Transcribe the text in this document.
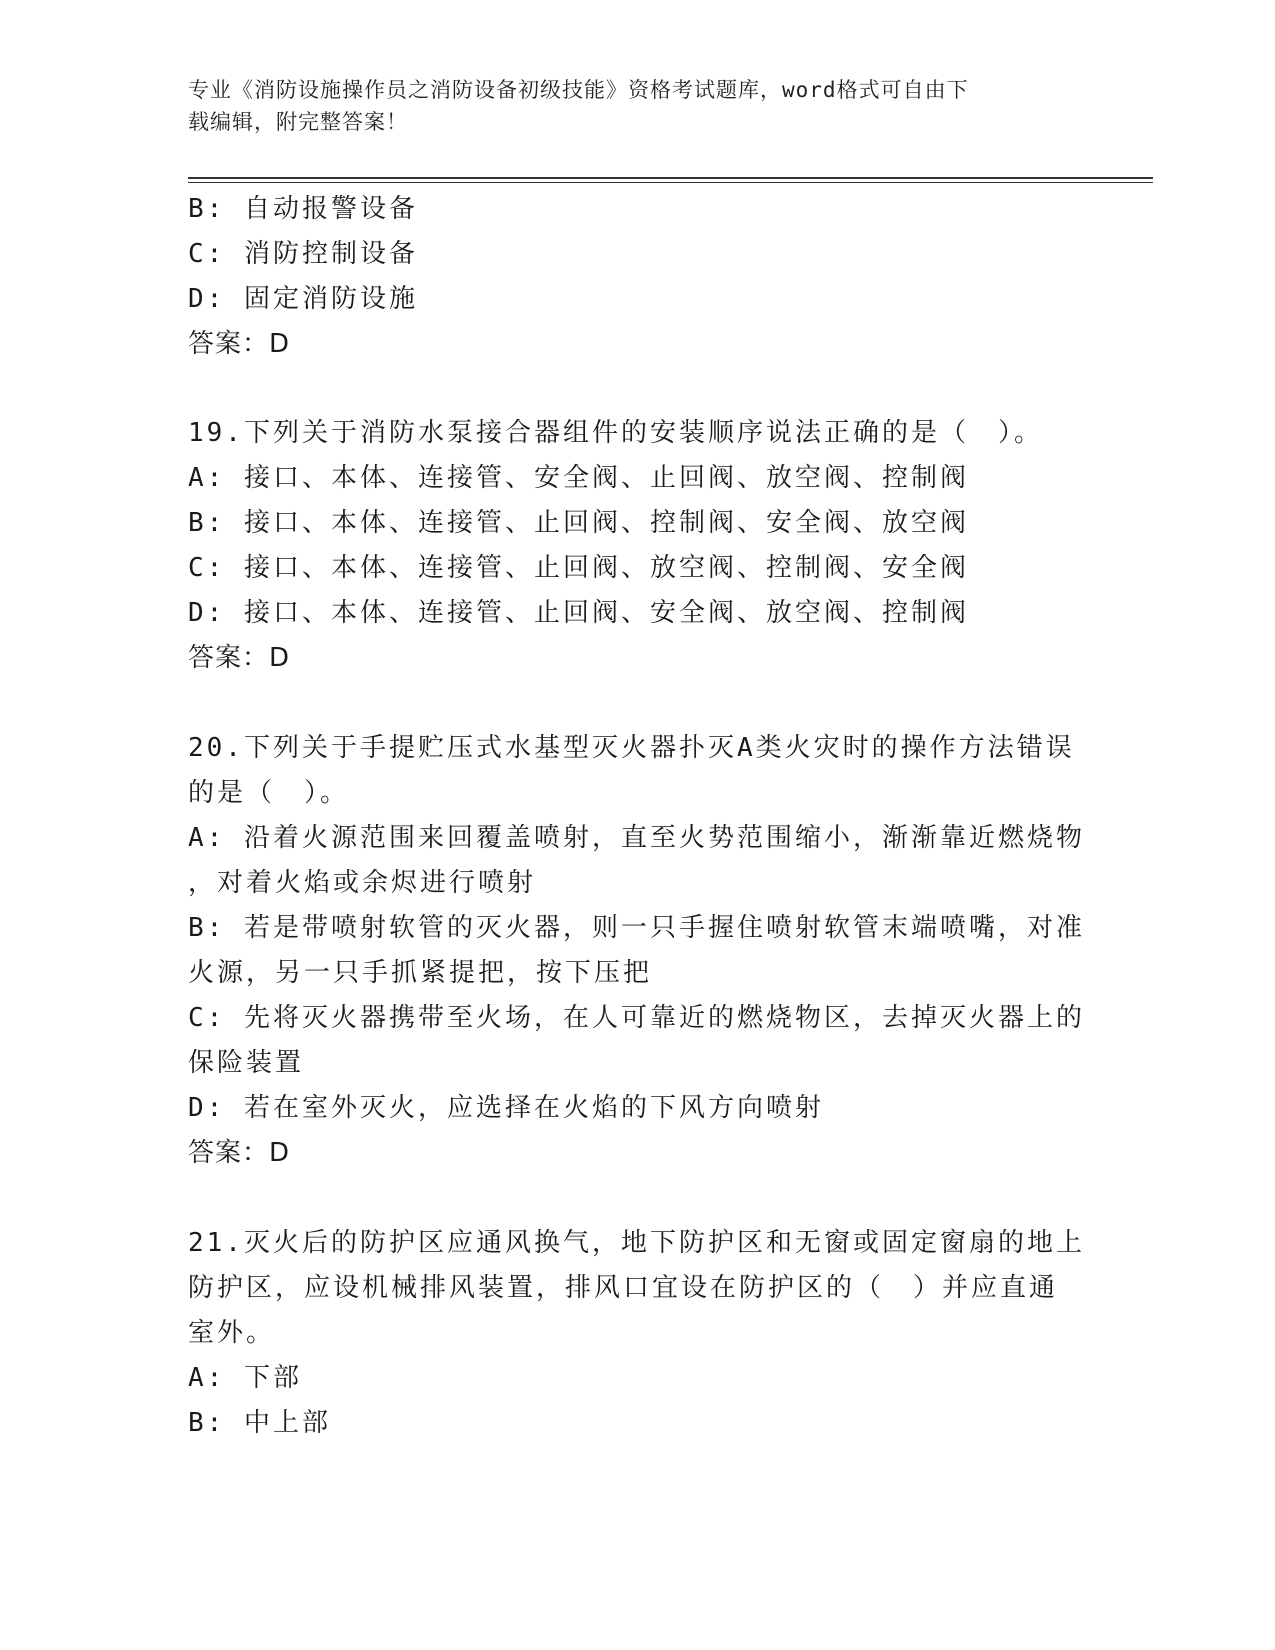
专业《消防设施操作员之消防设备初级技能》资格考试题库，word格式可自由下
载编辑，附完整答案！
B: 自动报警设备
C: 消防控制设备
D: 固定消防设施
答案：D
19.下列关于消防水泵接合器组件的安装顺序说法正确的是（　）。
A: 接口、本体、连接管、安全阀、止回阀、放空阀、控制阀
B: 接口、本体、连接管、止回阀、控制阀、安全阀、放空阀
C: 接口、本体、连接管、止回阀、放空阀、控制阀、安全阀
D: 接口、本体、连接管、止回阀、安全阀、放空阀、控制阀
答案：D
20.下列关于手提贮压式水基型灭火器扑灭A类火灾时的操作方法错误
的是（　）。
A: 沿着火源范围来回覆盖喷射，直至火势范围缩小，渐渐靠近燃烧物
，对着火焰或余烬进行喷射
B: 若是带喷射软管的灭火器，则一只手握住喷射软管末端喷嘴，对准
火源，另一只手抓紧提把，按下压把
C: 先将灭火器携带至火场，在人可靠近的燃烧物区，去掉灭火器上的
保险装置
D: 若在室外灭火，应选择在火焰的下风方向喷射
答案：D
21.灭火后的防护区应通风换气，地下防护区和无窗或固定窗扇的地上
防护区，应设机械排风装置，排风口宜设在防护区的（　）并应直通
室外。
A: 下部
B: 中上部
